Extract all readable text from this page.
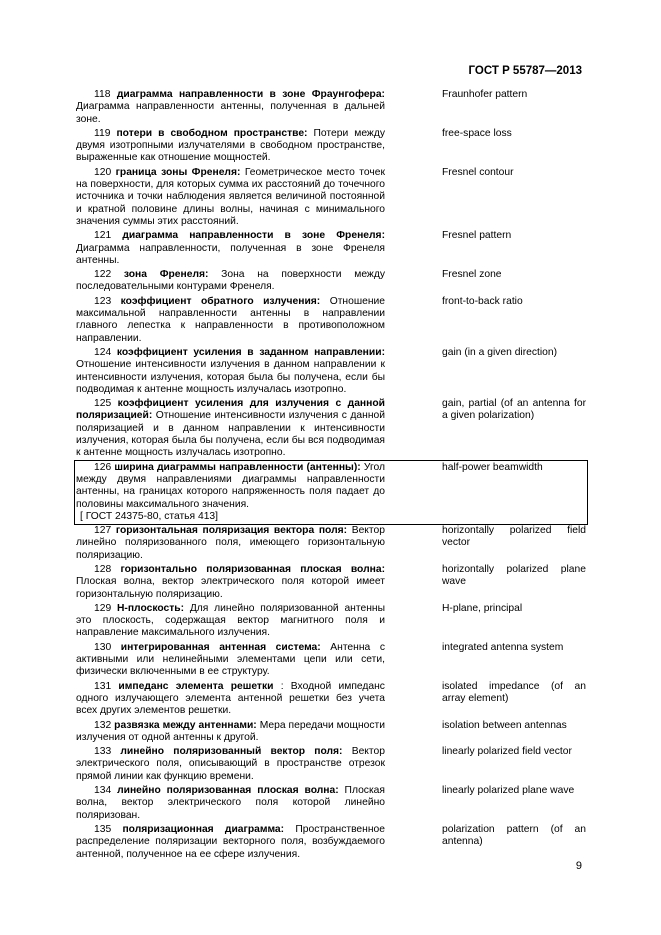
ГОСТ Р 55787—2013

118 диаграмма направленности в зоне Фраунгофера: Диаграмма направленности антенны, полученная в дальней зоне.

Fraunhofer pattern

119 потери в свободном пространстве: Потери между двумя изотропными излучателями в свободном пространстве, выраженные как отношение мощностей.

free-space loss

120 граница зоны Френеля: Геометрическое место точек на поверхности, для которых сумма их расстояний до точечного источника и точки наблюдения является величиной постоянной и кратной половине длины волны, начиная с минимального значения суммы этих расстояний.

Fresnel contour

121 диаграмма направленности в зоне Френеля: Диаграмма направленности, полученная в зоне Френеля антенны.

Fresnel pattern

122 зона Френеля: Зона на поверхности между последовательными контурами Френеля.

Fresnel zone

123 коэффициент обратного излучения: Отношение максимальной направленности антенны в направлении главного лепестка к направленности в противоположном направлении.

front-to-back ratio

124 коэффициент усиления в заданном направлении: Отношение интенсивности излучения в данном направлении к интенсивности излучения, которая была бы получена, если бы подводимая к антенне мощность излучалась изотропно.

gain (in a given direction)

125 коэффициент усиления для излучения с данной поляризацией: Отношение интенсивности излучения с данной поляризацией и в данном направлении к интенсивности излучения, которая была бы получена, если бы вся подводимая к антенне мощность излучалась изотропно.

gain, partial (of an antenna for a given polarization)

126 ширина диаграммы направленности (антенны): Угол между двумя направлениями диаграммы направленности антенны, на границах которого напряженность поля падает до половины максимального значения.

[ ГОСТ 24375-80, статья 413]

half-power beamwidth

127 горизонтальная поляризация вектора поля: Вектор линейно поляризованного поля, имеющего горизонтальную поляризацию.

horizontally polarized field vector

128 горизонтально поляризованная плоская волна: Плоская волна, вектор электрического поля которой имеет горизонтальную поляризацию.

horizontally polarized plane wave

129 Н-плоскость: Для линейно поляризованной антенны это плоскость, содержащая вектор магнитного поля и направление максимального излучения.

H-plane, principal

130 интегрированная антенная система: Антенна с активными или нелинейными элементами цепи или сети, физически включенными в ее структуру.

integrated antenna system

131 импеданс элемента решетки : Входной импеданс одного излучающего элемента антенной решетки без учета всех других элементов решетки.

isolated impedance (of an array element)

132 развязка между антеннами: Мера передачи мощности излучения от одной антенны к другой.

isolation between antennas

133 линейно поляризованный вектор поля: Вектор электрического поля, описывающий в пространстве отрезок прямой линии как функцию времени.

linearly polarized field vector

134 линейно поляризованная плоская волна: Плоская волна, вектор электрического поля которой линейно поляризован.

linearly polarized plane wave

135 поляризационная диаграмма: Пространственное распределение поляризации векторного поля, возбуждаемого антенной, полученное на ее сфере излучения.

polarization pattern (of an antenna)
9
